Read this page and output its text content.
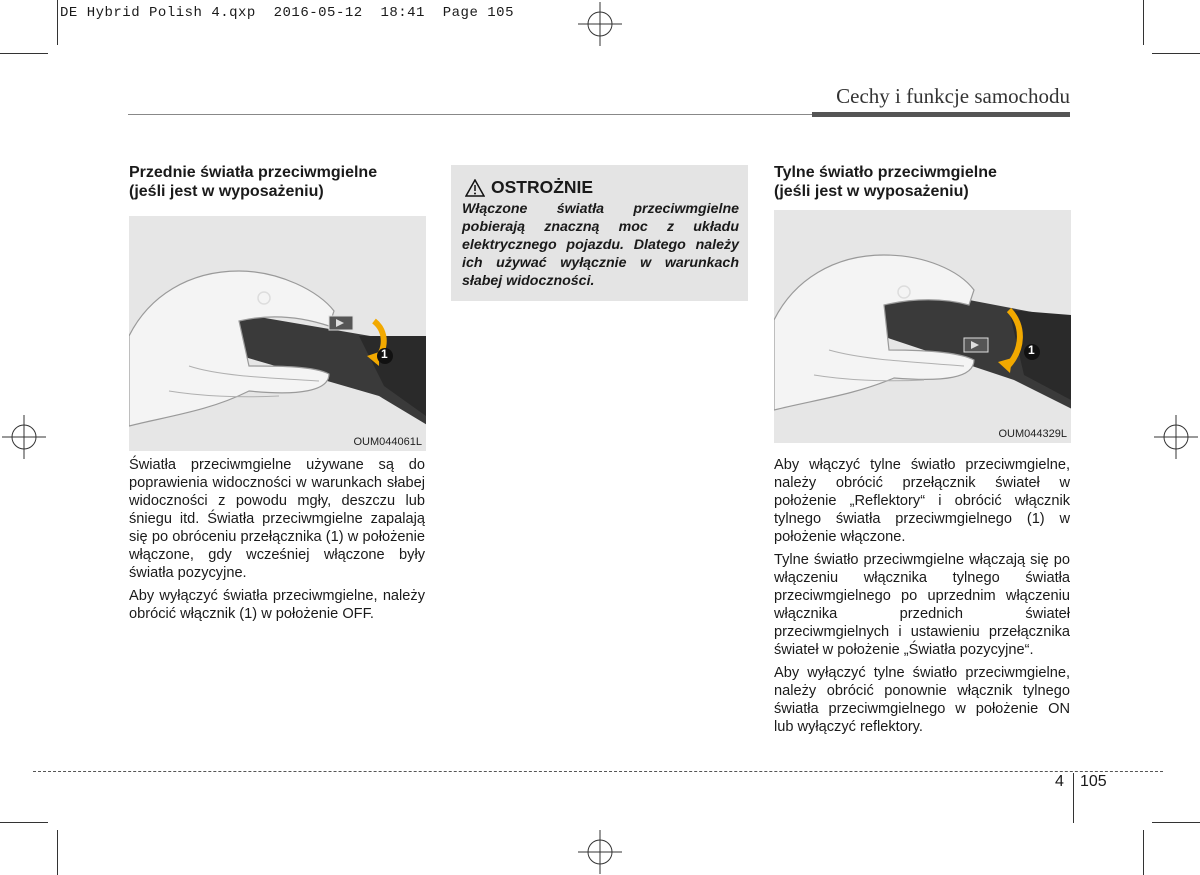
DE Hybrid Polish 4.qxp  2016-05-12  18:41  Page 105
Cechy i funkcje samochodu
Przednie światła przeciwmgielne
(jeśli jest w wyposażeniu)
1
OUM044061L

Światła przeciwmgielne używane są do poprawienia widoczności w warunkach słabej widoczności z powodu mgły, deszczu lub śniegu itd. Światła przeciwmgielne zapalają się po obróceniu przełącznika (1) w położenie włączone, gdy wcześniej włączone były światła pozycyjne.

Aby wyłączyć światła przeciwmgielne, należy obrócić włącznik (1) w położenie OFF.

OSTROŻNIE
Włączone światła przeciwmgielne pobierają znaczną moc z układu elektrycznego pojazdu. Dlatego należy ich używać wyłącznie w warunkach słabej widoczności.
Tylne światło przeciwmgielne
(jeśli jest w wyposażeniu)
1
OUM044329L

Aby włączyć tylne światło przeciwmgielne, należy obrócić przełącznik świateł w położenie „Reflektory“ i obrócić włącznik tylnego światła przeciwmgielnego (1) w położenie włączone.

Tylne światło przeciwmgielne włączają się po włączeniu włącznika tylnego światła przeciwmgielnego po uprzednim włączeniu włącznika przednich świateł przeciwmgielnych i ustawieniu przełącznika świateł w położenie „Światła pozycyjne“.

Aby wyłączyć tylne światło przeciwmgielne, należy obrócić ponownie włącznik tylnego światła przeciwmgielnego w położenie ON lub wyłączyć reflektory.

4 105
